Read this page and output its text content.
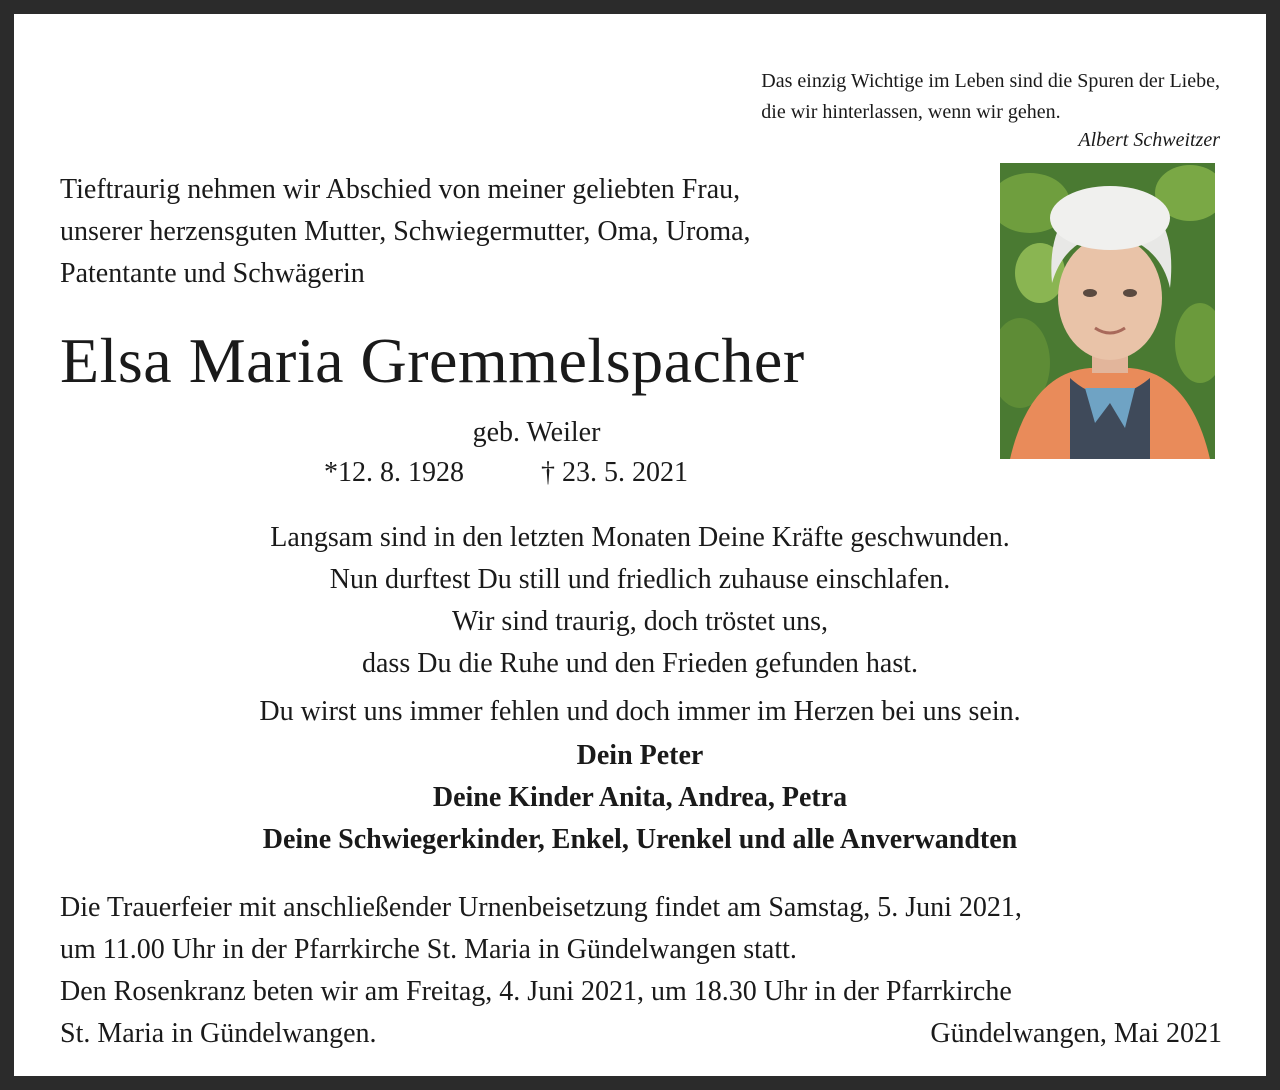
Das einzig Wichtige im Leben sind die Spuren der Liebe,
die wir hinterlassen, wenn wir gehen.
Albert Schweitzer
Tieftraurig nehmen wir Abschied von meiner geliebten Frau,
unserer herzensguten Mutter, Schwiegermutter, Oma, Uroma,
Patentante und Schwägerin
Elsa Maria Gremmelspacher
geb. Weiler
*12. 8. 1928	† 23. 5. 2021
Langsam sind in den letzten Monaten Deine Kräfte geschwunden.
Nun durftest Du still und friedlich zuhause einschlafen.
Wir sind traurig, doch tröstet uns,
dass Du die Ruhe und den Frieden gefunden hast.
Du wirst uns immer fehlen und doch immer im Herzen bei uns sein.
Dein Peter
Deine Kinder Anita, Andrea, Petra
Deine Schwiegerkinder, Enkel, Urenkel und alle Anverwandten
Die Trauerfeier mit anschließender Urnenbeisetzung findet am Samstag, 5. Juni 2021,
um 11.00 Uhr in der Pfarrkirche St. Maria in Gündelwangen statt.
Den Rosenkranz beten wir am Freitag, 4. Juni 2021, um 18.30 Uhr in der Pfarrkirche
St. Maria in Gündelwangen.	Gündelwangen, Mai 2021
